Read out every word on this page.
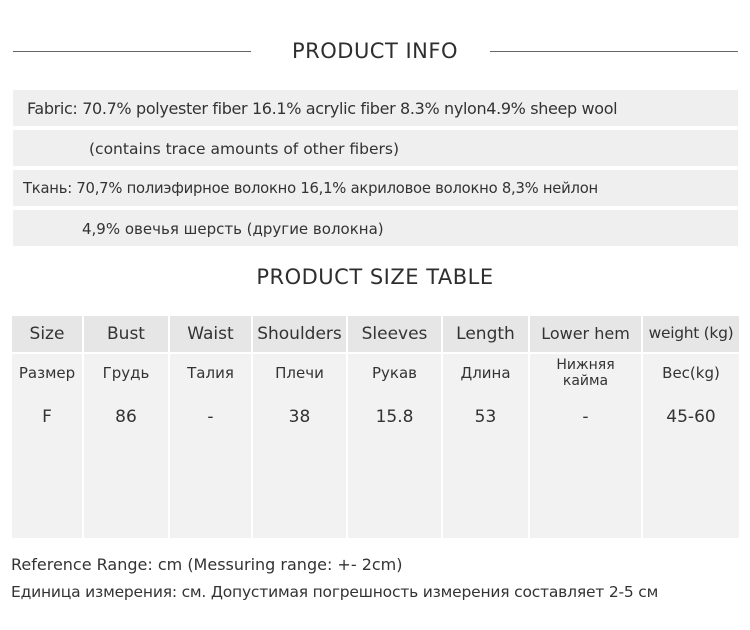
PRODUCT INFO
Fabric: 70.7% polyester fiber 16.1% acrylic fiber 8.3% nylon4.9% sheep wool
(contains trace amounts of other fibers)
Ткань: 70,7% полиэфирное волокно 16,1% акриловое волокно 8,3% нейлон
4,9% овечья шерсть (другие волокна)
PRODUCT SIZE TABLE
Size	Bust	Waist	Shoulders	Sleeves	Length	Lower hem	weight (kg)
Размер	Грудь	Талия	Плечи	Рукав	Длина	Нижняя кайма	Вес(kg)
F	86	-	38	15.8	53	-	45-60
Reference Range: cm (Messuring range: +- 2cm)
Единица измерения: см. Допустимая погрешность измерения составляет 2-5 см
